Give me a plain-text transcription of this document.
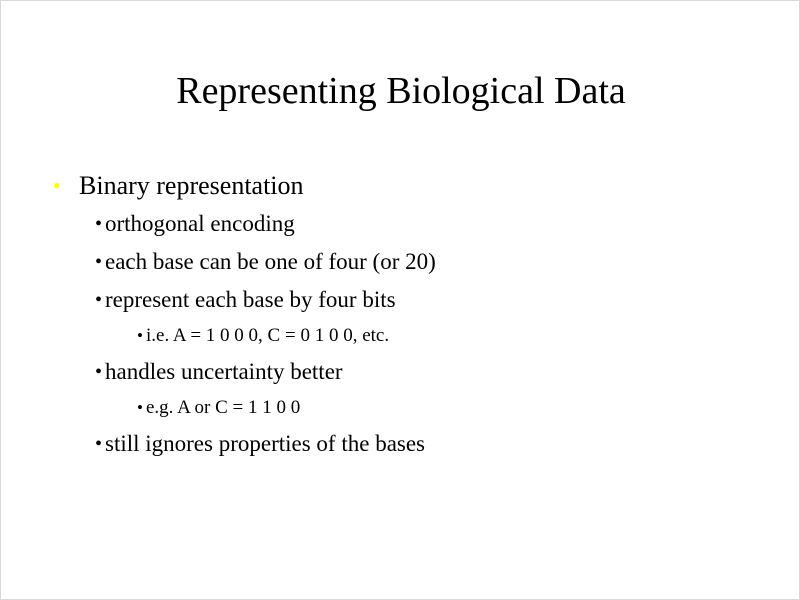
Representing Biological Data
• Binary representation
• orthogonal encoding
• each base can be one of four (or 20)
• represent each base by four bits
• i.e. A = 1 0 0 0, C = 0 1 0 0, etc.
• handles uncertainty better
• e.g. A or C = 1 1 0 0
• still ignores properties of the bases
